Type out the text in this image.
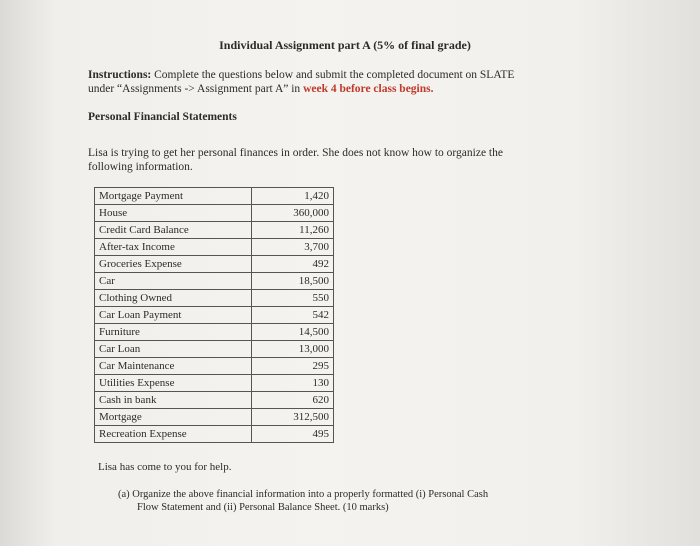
Individual Assignment part A (5% of final grade)
Instructions: Complete the questions below and submit the completed document on SLATE
under “Assignments -> Assignment part A” in week 4 before class begins.
Personal Financial Statements
Lisa is trying to get her personal finances in order. She does not know how to organize the
following information.
Mortgage Payment	1,420
House	360,000
Credit Card Balance	11,260
After-tax Income	3,700
Groceries Expense	492
Car	18,500
Clothing Owned	550
Car Loan Payment	542
Furniture	14,500
Car Loan	13,000
Car Maintenance	295
Utilities Expense	130
Cash in bank	620
Mortgage	312,500
Recreation Expense	495
Lisa has come to you for help.
(a) Organize the above financial information into a properly formatted (i) Personal Cash
Flow Statement and (ii) Personal Balance Sheet. (10 marks)
